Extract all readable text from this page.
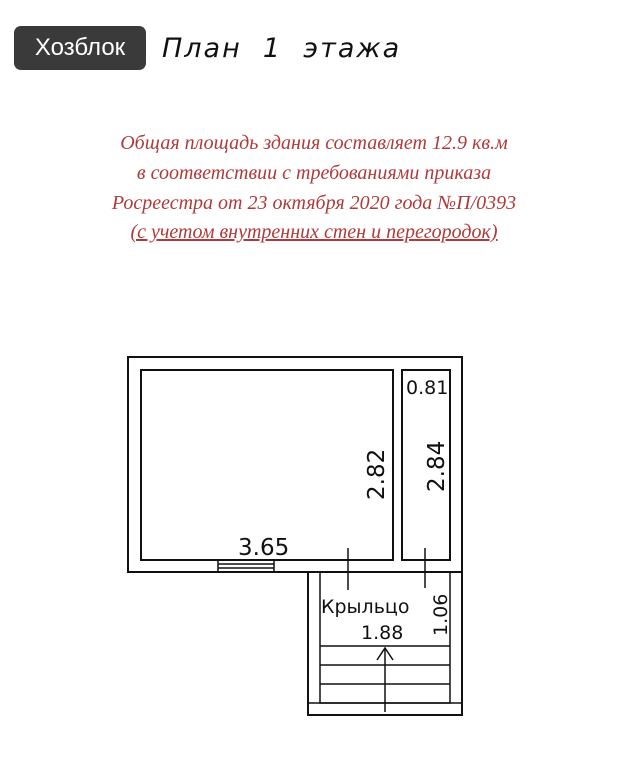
Хозблок	План  1  этажа
Общая площадь здания составляет 12.9 кв.м
в соответствии с требованиями приказа
Росреестра от 23 октября 2020 года №П/0393
(с учетом внутренних стен и перегородок)
3.65
2.82
0.81
2.84
Крыльцо
1.88 1.06
